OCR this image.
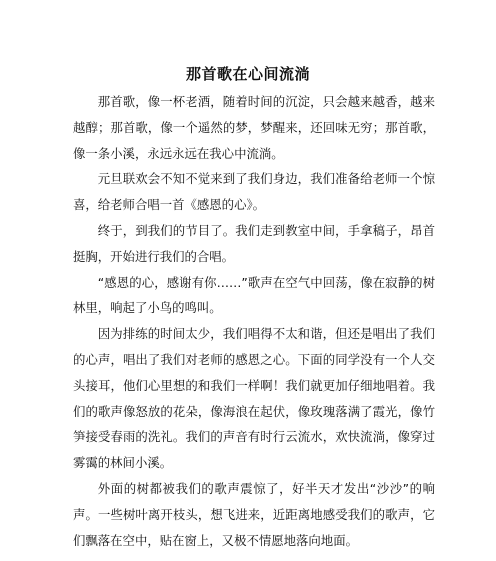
那首歌在心间流淌

那首歌，像一杯老酒，随着时间的沉淀，只会越来越香，越来越醇；那首歌，像一个遥然的梦，梦醒来，还回味无穷；那首歌，像一条小溪，永远永远在我心中流淌。

元旦联欢会不知不觉来到了我们身边，我们准备给老师一个惊喜，给老师合唱一首《感恩的心》。

终于，到我们的节目了。我们走到教室中间，手拿稿子，昂首挺胸，开始进行我们的合唱。

“感恩的心，感谢有你……”歌声在空气中回荡，像在寂静的树林里，响起了小鸟的鸣叫。

因为排练的时间太少，我们唱得不太和谐，但还是唱出了我们的心声，唱出了我们对老师的感恩之心。下面的同学没有一个人交头接耳，他们心里想的和我们一样啊！我们就更加仔细地唱着。我们的歌声像怒放的花朵，像海浪在起伏，像玫瑰落满了霞光，像竹笋接受春雨的洗礼。我们的声音有时行云流水，欢快流淌，像穿过雾霭的林间小溪。

外面的树都被我们的歌声震惊了，好半天才发出“沙沙”的响声。一些树叶离开枝头，想飞进来，近距离地感受我们的歌声，它们飘落在空中，贴在窗上，又极不情愿地落向地面。
